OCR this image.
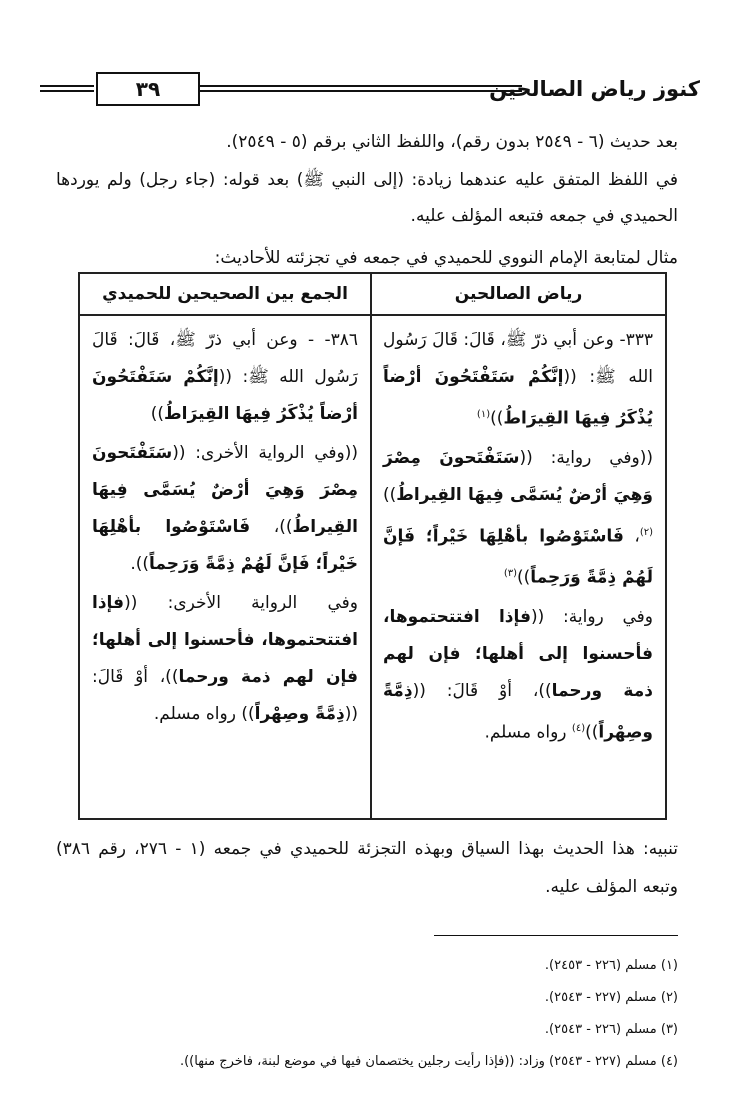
كنوز رياض الصالحين
٣٩
بعد حديث (٦ - ٢٥٤٩ بدون رقم)، واللفظ الثاني برقم (٥ - ٢٥٤٩).
في اللفظ المتفق عليه عندهما زيادة: (إلى النبي ﷺ) بعد قوله: (جاء رجل) ولم يوردها الحميدي في جمعه فتبعه المؤلف عليه.
مثال لمتابعة الإمام النووي للحميدي في جمعه في تجزئته للأحاديث:
رياض الصالحين
الجمع بين الصحيحين للحميدي

٣٣٣- وعن أبي ذرّ ﷺ، قَالَ: قَالَ رَسُول الله ﷺ: ((إنَّكُمْ سَتَفْتَحُونَ أرْضاً يُذْكَرُ فِيهَا القِيرَاطُ))$^{(١)}$

((وفي رواية: ((سَتَفْتَحونَ مِصْرَ وَهِيَ أرْضٌ يُسَمَّى فِيهَا القِيراطُ))$^{(٢)}$، فَاسْتَوْصُوا بأهْلِهَا خَيْراً؛ فَإنَّ لَهُمْ ذِمَّةً وَرَحِماً))$^{(٣)}$

وفي رواية: ((فإذا افتتحتموها، فأحسنوا إلى أهلها؛ فإن لهم ذمة ورحما))، أوْ قَالَ: ((ذِمَّةً وصِهْراً))$^{(٤)}$ رواه مسلم.

٣٨٦- - وعن أبي ذرّ ﷺ، قَالَ: قَالَ رَسُول الله ﷺ: ((إنَّكُمْ سَتَفْتَحُونَ أرْضاً يُذْكَرُ فِيهَا القِيرَاطُ))

((وفي الرواية الأخرى: ((سَتَفْتَحونَ مِصْرَ وَهِيَ أرْضٌ يُسَمَّى فِيهَا القِيراطُ))، فَاسْتَوْصُوا بأهْلِهَا خَيْراً؛ فَإنَّ لَهُمْ ذِمَّةً وَرَحِماً)).

وفي الرواية الأخرى: ((فإذا افتتحتموها، فأحسنوا إلى أهلها؛ فإن لهم ذمة ورحما))، أوْ قَالَ: ((ذِمَّةً وصِهْراً)) رواه مسلم.

تنبيه: هذا الحديث بهذا السياق وبهذه التجزئة للحميدي في جمعه (١ - ٢٧٦، رقم ٣٨٦) وتبعه المؤلف عليه.
(١) مسلم (٢٢٦ - ٢٤٥٣).
(٢) مسلم (٢٢٧ - ٢٥٤٣).
(٣) مسلم (٢٢٦ - ٢٥٤٣).
(٤) مسلم (٢٢٧ - ٢٥٤٣) وزاد: ((فإذا رأيت رجلين يختصمان فيها في موضع لبنة، فاخرج منها)).
